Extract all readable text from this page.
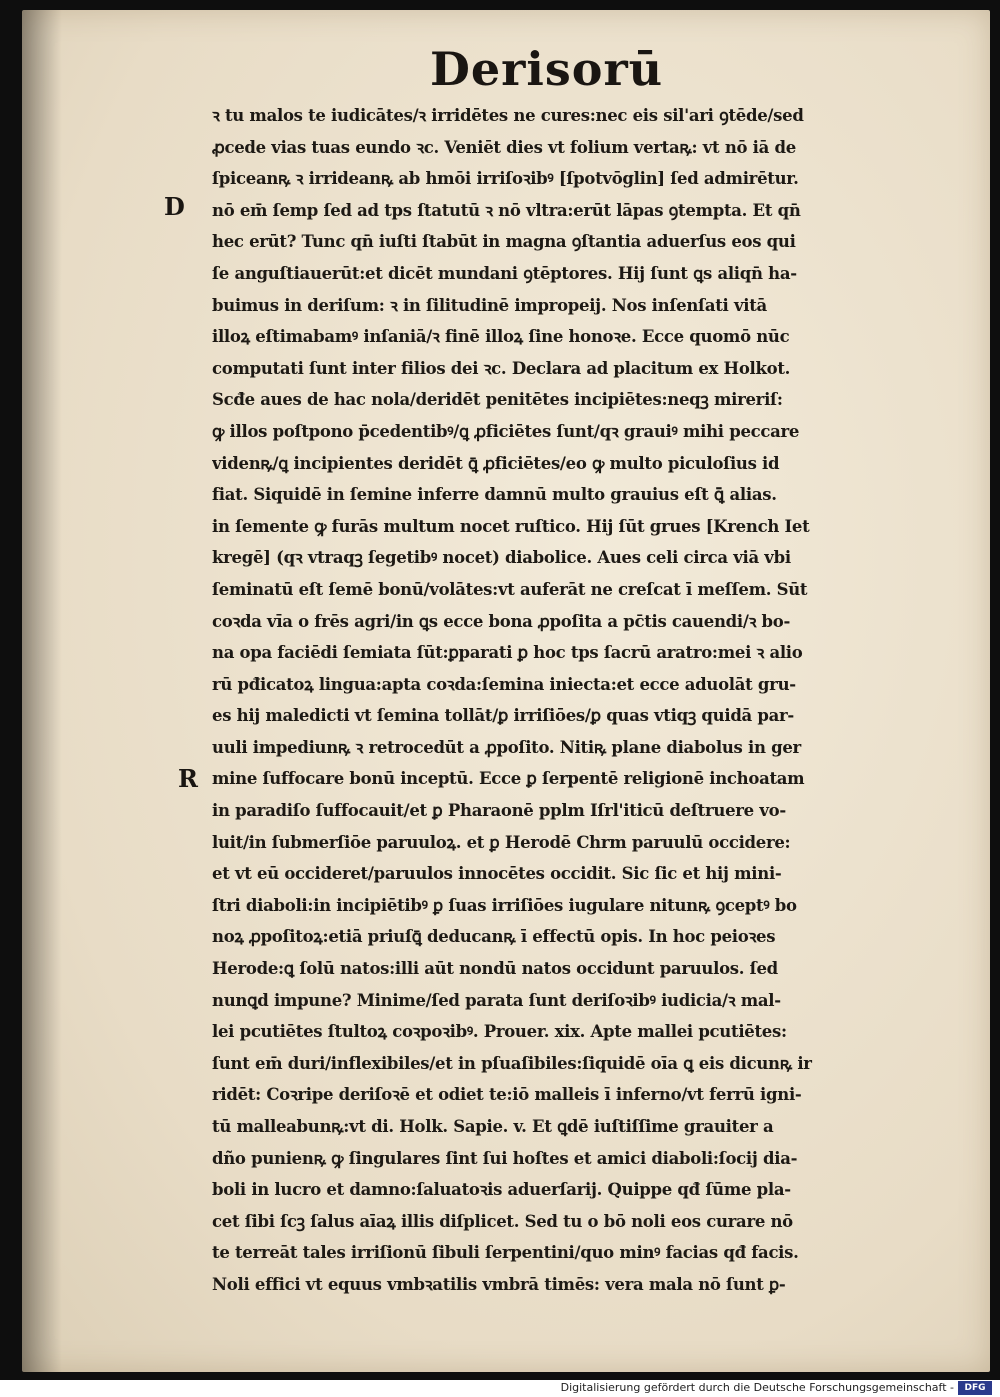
Derisorū
D
R
ꝛ tu malos te iudicātes/ꝛ irridētes ne cures:nec eis sil'ari ꝯtēde/sed
ꝓcede vias tuas eundo ꝛc. Veniēt dies vt folium vertaꝶ: vt nō iā de
ſpiceanꝶ ꝛ irrideanꝶ ab hmōi irriſoꝛibꝰ [ſpotvōglin] ſed admirētur.
nō em̄ ſemp ſed ad tps ſtatutū ꝛ nō vltra:erūt lāpas ꝯtempta. Et qn̄
hec erūt? Tunc qn̄ iuſti ſtabūt in magna ꝯſtantia aduerſus eos qui
ſe anguſtiauerūt:et dicēt mundani ꝯtēptores. Hij ſunt ꝗs aliqn̄ ha-
buimus in deriſum: ꝛ in ſilitudinē impropeij. Nos inſenſati vitā
illoꝝ eſtimabamꝰ inſaniā/ꝛ finē illoꝝ ſine honoꝛe. Ecce quomō nūc
computati ſunt inter filios dei ꝛc. Declara ad placitum ex Holkot.
Scđe aues de hac nola/deridēt penitētes incipiētes:neqꝫ mireriſ:
ꝙ illos poſtpono p̄cedentibꝰ/ꝗ ꝓficiētes ſunt/qꝛ grauiꝰ mihi peccare
videnꝶ/ꝗ incipientes deridēt ꝗ̄ ꝓficiētes/eo ꝙ multo piculoſius id
fiat. Siquidē in ſemine inferre damnū multo grauius eſt ꝗ̄ alias.
in ſemente ꝙ furās multum nocet ruſtico. Hij ſūt grues [Krench Iet
kregē] (qꝛ vtraqꝫ ſegetibꝰ nocet) diabolice. Aues celi circa viā vbi
ſeminatū eſt ſemē bonū/volātes:vt auferāt ne creſcat ī meſſem. Sūt
coꝛda vīa o frēs agri/in ꝗs ecce bona ꝓpoſita a pc̄tis cauendi/ꝛ bo-
na opa faciēdi ſemiata ſūt:ꝑparati ꝑ hoc tps ſacrū aratro:mei ꝛ alio
rū pđicatoꝝ lingua:apta coꝛda:ſemina iniecta:et ecce aduolāt gru-
es hij maledicti vt ſemina tollāt/ꝑ irriſiōes/ꝑ quas vtiqꝫ quidā par-
uuli impediunꝶ ꝛ retrocedūt a ꝓpoſito. Nitiꝶ plane diabolus in ger
mine ſuffocare bonū inceptū. Ecce ꝑ ſerpentē religionē inchoatam
in paradiſo ſuffocauit/et ꝑ Pharaonē pplm Iſrl'iticū deſtruere vo-
luit/in ſubmerſiōe paruuloꝝ. et ꝑ Herodē Chrm paruulū occidere:
et vt eū occideret/paruulos innocētes occidit. Sic ſic et hij mini-
ſtri diaboli:in incipiētibꝰ ꝑ ſuas irriſiōes iugulare nitunꝶ ꝯceptꝰ bo
noꝝ ꝓpoſitoꝝ:etiā priuſꝗ̄ deducanꝶ ī effectū opis. In hoc peioꝛes
Herode:ꝗ ſolū natos:illi aūt nondū natos occidunt paruulos. ſed
nunꝗd impune? Minime/ſed parata ſunt deriſoꝛibꝰ iudicia/ꝛ mal-
lei pcutiētes ſtultoꝝ coꝛpoꝛibꝰ. Prouer. xix. Apte mallei pcutiētes:
ſunt em̄ duri/inflexibiles/et in pſuaſibiles:ſiquidē oīa ꝗ eis dicunꝶ ir
ridēt: Coꝛripe deriſoꝛē et odiet te:iō malleis ī inferno/vt ferrū igni-
tū malleabunꝶ:vt di. Holk. Sapie. v. Et ꝗdē iuſtiſſime grauiter a
dño punienꝶ ꝙ ſingulares ſint ſui hoſtes et amici diaboli:ſocij dia-
boli in lucro et damno:ſaluatoꝛis aduerſarij. Quippe qđ ſūme pla-
cet ſibi ſcꝫ ſalus aīaꝝ illis diſplicet. Sed tu o bō noli eos curare nō
te terreāt tales irriſionū ſibuli ſerpentini/quo minꝰ facias qđ facis.
Noli effici vt equus vmbꝛatilis vmbrā timēs: vera mala nō ſunt ꝑ-
Digitalisierung gefördert durch die Deutsche Forschungsgemeinschaft -	DFG
